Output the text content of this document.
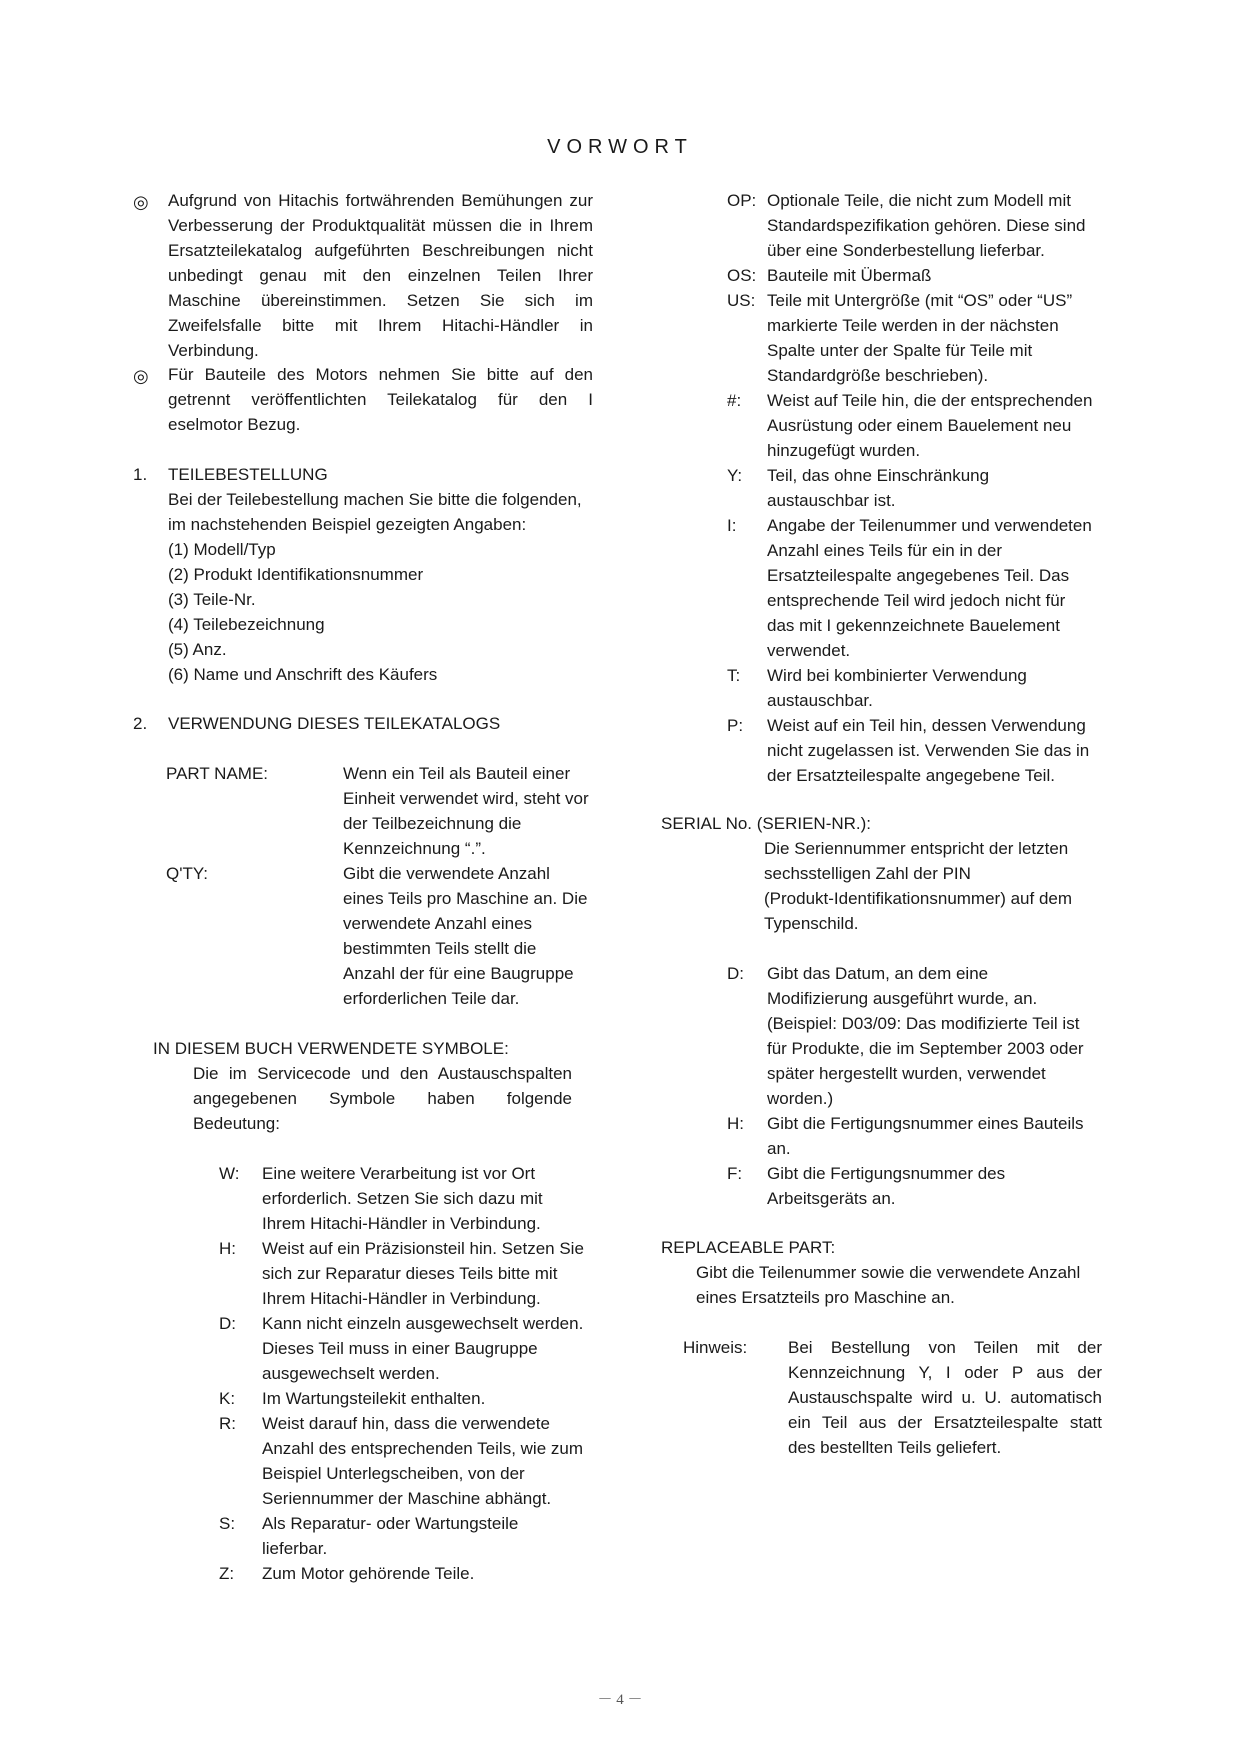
VORWORT
◎ Aufgrund von Hitachis fortwährenden Bemühungen zur
Verbesserung der Produktqualität müssen die in Ihrem
Ersatzteilekatalog aufgeführten Beschreibungen nicht
unbedingt genau mit den einzelnen Teilen Ihrer
Maschine übereinstimmen. Setzen Sie sich im
Zweifelsfalle bitte mit Ihrem Hitachi-Händler in
Verbindung.
◎ Für Bauteile des Motors nehmen Sie bitte auf den
getrennt veröffentlichten Teilekatalog für den I
eselmotor Bezug.
1. TEILEBESTELLUNG
Bei der Teilebestellung machen Sie bitte die folgenden,
im nachstehenden Beispiel gezeigten Angaben:
(1) Modell/Typ
(2) Produkt Identifikationsnummer
(3) Teile-Nr.
(4) Teilebezeichnung
(5) Anz.
(6) Name und Anschrift des Käufers
2. VERWENDUNG DIESES TEILEKATALOGS
PART NAME:	Wenn ein Teil als Bauteil einer
Einheit verwendet wird, steht vor
der Teilbezeichnung die
Kennzeichnung “.”.
Q'TY:	Gibt die verwendete Anzahl
eines Teils pro Maschine an. Die
verwendete Anzahl eines
bestimmten Teils stellt die
Anzahl der für eine Baugruppe
erforderlichen Teile dar.
IN DIESEM BUCH VERWENDETE SYMBOLE:
Die im Servicecode und den Austauschspalten
angegebenen Symbole haben folgende
Bedeutung:
W: Eine weitere Verarbeitung ist vor Ort
erforderlich. Setzen Sie sich dazu mit
Ihrem Hitachi-Händler in Verbindung.
H: Weist auf ein Präzisionsteil hin. Setzen Sie
sich zur Reparatur dieses Teils bitte mit
Ihrem Hitachi-Händler in Verbindung.
D: Kann nicht einzeln ausgewechselt werden.
Dieses Teil muss in einer Baugruppe
ausgewechselt werden.
K: Im Wartungsteilekit enthalten.
R: Weist darauf hin, dass die verwendete
Anzahl des entsprechenden Teils, wie zum
Beispiel Unterlegscheiben, von der
Seriennummer der Maschine abhängt.
S: Als Reparatur- oder Wartungsteile
lieferbar.
Z: Zum Motor gehörende Teile.
OP: Optionale Teile, die nicht zum Modell mit
Standardspezifikation gehören. Diese sind
über eine Sonderbestellung lieferbar.
OS: Bauteile mit Übermaß
US: Teile mit Untergröße (mit “OS” oder “US”
markierte Teile werden in der nächsten
Spalte unter der Spalte für Teile mit
Standardgröße beschrieben).
#: Weist auf Teile hin, die der entsprechenden
Ausrüstung oder einem Bauelement neu
hinzugefügt wurden.
Y: Teil, das ohne Einschränkung
austauschbar ist.
I: Angabe der Teilenummer und verwendeten
Anzahl eines Teils für ein in der
Ersatzteilespalte angegebenes Teil. Das
entsprechende Teil wird jedoch nicht für
das mit I gekennzeichnete Bauelement
verwendet.
T: Wird bei kombinierter Verwendung
austauschbar.
P: Weist auf ein Teil hin, dessen Verwendung
nicht zugelassen ist. Verwenden Sie das in
der Ersatzteilespalte angegebene Teil.
SERIAL No. (SERIEN-NR.):
Die Seriennummer entspricht der letzten
sechsstelligen Zahl der PIN
(Produkt-Identifikationsnummer) auf dem
Typenschild.
D: Gibt das Datum, an dem eine
Modifizierung ausgeführt wurde, an.
(Beispiel: D03/09: Das modifizierte Teil ist
für Produkte, die im September 2003 oder
später hergestellt wurden, verwendet
worden.)
H: Gibt die Fertigungsnummer eines Bauteils
an.
F: Gibt die Fertigungsnummer des
Arbeitsgeräts an.
REPLACEABLE PART:
Gibt die Teilenummer sowie die verwendete Anzahl
eines Ersatzteils pro Maschine an.
Hinweis: Bei Bestellung von Teilen mit der
Kennzeichnung Y, I oder P aus der
Austauschspalte wird u. U. automatisch
ein Teil aus der Ersatzteilespalte statt
des bestellten Teils geliefert.
－ 4 －
